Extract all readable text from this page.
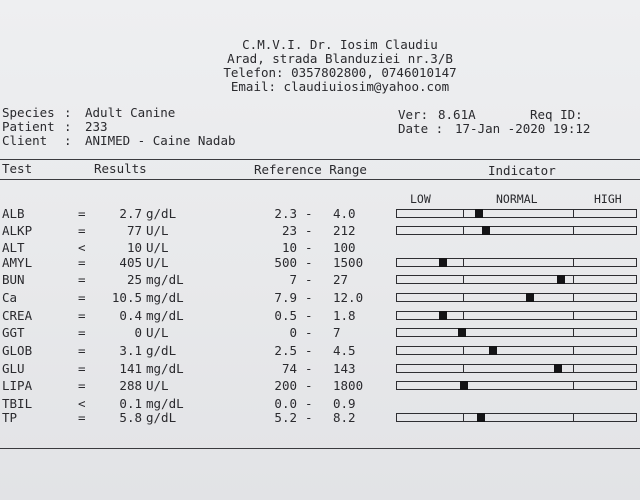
C.M.V.I. Dr. Iosim Claudiu
Arad, strada Blanduziei nr.3/B
Telefon: 0357802800, 0746010147
Email: claudiuiosim@yahoo.com
Species : Adult Canine
Patient : 233
Client : ANIMED - Caine Nadab
Ver: 8.61A	Req ID:
Date : 17-Jan -2020 19:12
Test	Results	Reference Range	Indicator
LOW	NORMAL	HIGH
ALB	=	2.7 g/dL	2.3 - 4.0
ALKP	=	77 U/L	23 - 212
ALT	<	10 U/L	10 - 100
AMYL	=	405 U/L	500 - 1500
BUN	=	25 mg/dL	7 - 27
Ca	=	10.5 mg/dL	7.9 - 12.0
CREA	=	0.4 mg/dL	0.5 - 1.8
GGT	=	0 U/L	0 - 7
GLOB	=	3.1 g/dL	2.5 - 4.5
GLU	=	141 mg/dL	74 - 143
LIPA	=	288 U/L	200 - 1800
TBIL	<	0.1 mg/dL	0.0 - 0.9
TP	=	5.8 g/dL	5.2 - 8.2
